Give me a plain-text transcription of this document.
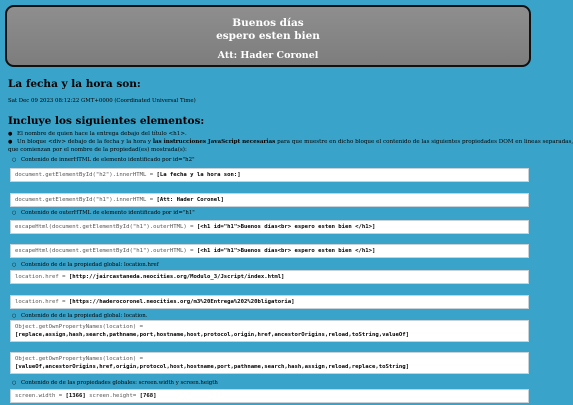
Buenos días
espero esten bien
Att: Hader Coronel
La fecha y la hora son:
Sat Dec 09 2023 08:12:22 GMT+0000 (Coordinated Universal Time)
Incluye los siguientes elementos:
● El nombre de quien hace la entrega debajo del título <h1>.
● Un bloque <div> debajo de la fecha y la hora y las instrucciones JavaScript necesarias para que muestre en dicho bloque el contenido de las siguientes propiedades DOM en lineas separadas,
que comienzan por el nombre de la propiedad(es) mostrada(s):
○ Contenido de innerHTML de elemento identificado por id="h2"
document.getElementById("h2").innerHTML = [La fecha y la hora son:]
document.getElementById("h1").innerHTML = [Att: Hader Coronel]
○ Contenido de outerHTML de elemento identificado por id="h1"
escapeHtml(document.getElementById("h1").outerHTML) = [<h1 id="h1">Buenos días<br> espero esten bien </h1>]
escapeHtml(document.getElementById("h1").outerHTML) = [<h1 id="h1">Buenos días<br> espero esten bien </h1>]
○ Contenido de de la propiedad global: location.href
location.href = [http://jaircastaneda.neocities.org/Modulo_3/Jscript/index.html]
location.href = [https://haderocoronel.neocities.org/m3%20Entrega%202%20bligatoria]
○ Contenido de de la propiedad global: location.
Object.getOwnPropertyNames(location) =
[replace,assign,hash,search,pathname,port,hostname,host,protocol,origin,href,ancestorOrigins,reload,toString,valueOf]
Object.getOwnPropertyNames(location) =
[valueOf,ancestorOrigins,href,origin,protocol,host,hostname,port,pathname,search,hash,assign,reload,replace,toString]
○ Contenido de de las propiedades globales: screen.width y screen.heigth
screen.width = [1366] screen.height= [768]
